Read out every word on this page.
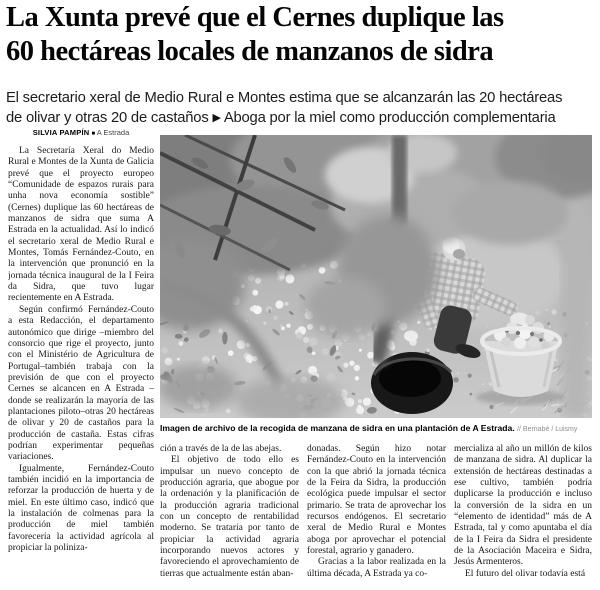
La Xunta prevé que el Cernes duplique las
60 hectáreas locales de manzanos de sidra
El secretario xeral de Medio Rural e Montes estima que se alcanzarán las 20 hectáreas
de olivar y otras 20 de castaños ▶ Aboga por la miel como producción complementaria
SILVIA PAMPÍN ■ A Estrada

La Secretaría Xeral do Medio Rural e Montes de la Xunta de Galicia prevé que el proyecto europeo “Comunidade de espazos rurais para unha nova economía sostible” (Cernes) duplique las 60 hectáreas de manzanos de sidra que suma A Estrada en la actualidad. Así lo indicó el secretario xeral de Medio Rural e Montes, Tomás Fernández-Couto, en la intervención que pronunció en la jornada técnica inaugural de la I Feira da Sidra, que tuvo lugar recientemente en A Estrada.

Según confirmó Fernández-Couto a esta Redacción, el departamento autonómico que dirige –miembro del consorcio que rige el proyecto, junto con el Ministério de Agricultura de Portugal–también trabaja con la previsión de que con el proyecto Cernes se alcancen en A Estrada –donde se realizarán la mayoría de las plantaciones piloto–otras 20 hectáreas de olivar y 20 de castaños para la producción de castaña. Estas cifras podrían experimentar pequeñas variaciones.

Igualmente, Fernández-Couto también incidió en la importancia de reforzar la producción de huerta y de miel. En este último caso, indicó que la instalación de colmenas para la producción de miel también favorecería la actividad agrícola al propiciar la poliniza-

Imagen de archivo de la recogida de manzana de sidra en una plantación de A Estrada. // Bernabé / Luismy

ción a través de la de las abejas.

El objetivo de todo ello es impulsar un nuevo concepto de producción agraria, que abogue por la ordenación y la planificación de la producción agraria tradicional con un concepto de rentabilidad moderno. Se trataría por tanto de propiciar la actividad agraria incorporando nuevos actores y favoreciendo el aprovechamiento de tierras que actualmente están aban-

donadas. Según hizo notar Fernández-Couto en la intervención con la que abrió la jornada técnica de la Feira da Sidra, la producción ecológica puede impulsar el sector primario. Se trata de aprovechar los recursos endógenos. El secretario xeral de Medio Rural e Montes aboga por aprovechar el potencial forestal, agrario y ganadero.

Gracias a la labor realizada en la última década, A Estrada ya co-

mercializa al año un millón de kilos de manzana de sidra. Al duplicar la extensión de hectáreas destinadas a ese cultivo, también podría duplicarse la producción e incluso la conversión de la sidra en un “elemento de identidad” más de A Estrada, tal y como apuntaba el día de la I Feira da Sidra el presidente de la Asociación Maceira e Sidra, Jesús Armenteros.

El futuro del olivar todavía está
